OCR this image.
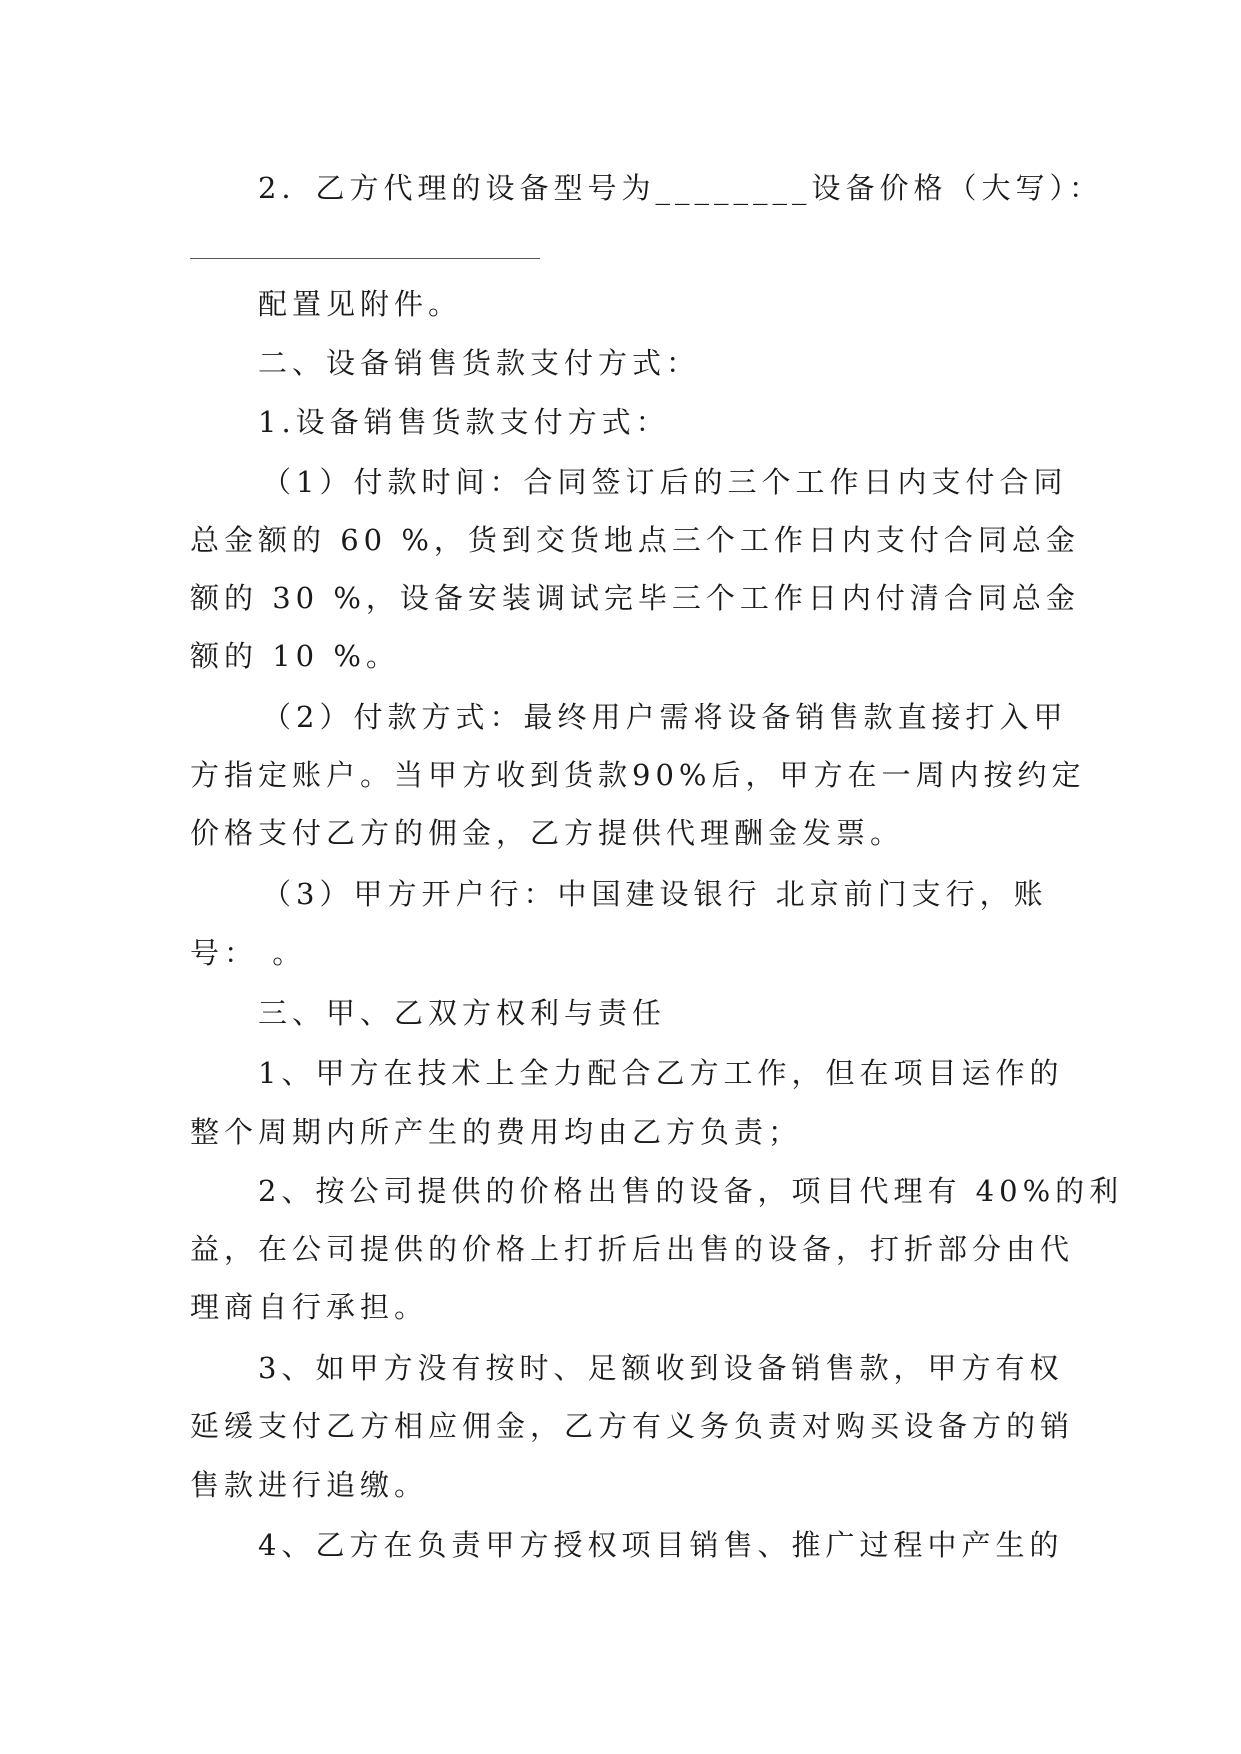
2．乙方代理的设备型号为________设备价格（大写）：
配置见附件。
二、设备销售货款支付方式：
1.设备销售货款支付方式：
（1）付款时间：合同签订后的三个工作日内支付合同
总金额的 60 %，货到交货地点三个工作日内支付合同总金
额的 30 %，设备安装调试完毕三个工作日内付清合同总金
额的 10 %。
（2）付款方式：最终用户需将设备销售款直接打入甲
方指定账户。当甲方收到货款90%后，甲方在一周内按约定
价格支付乙方的佣金，乙方提供代理酬金发票。
（3）甲方开户行：中国建设银行 北京前门支行，账
号： 。
三、甲、乙双方权利与责任
1、甲方在技术上全力配合乙方工作，但在项目运作的
整个周期内所产生的费用均由乙方负责；
2、按公司提供的价格出售的设备，项目代理有 40%的利
益，在公司提供的价格上打折后出售的设备，打折部分由代
理商自行承担。
3、如甲方没有按时、足额收到设备销售款，甲方有权
延缓支付乙方相应佣金，乙方有义务负责对购买设备方的销
售款进行追缴。
4、乙方在负责甲方授权项目销售、推广过程中产生的
